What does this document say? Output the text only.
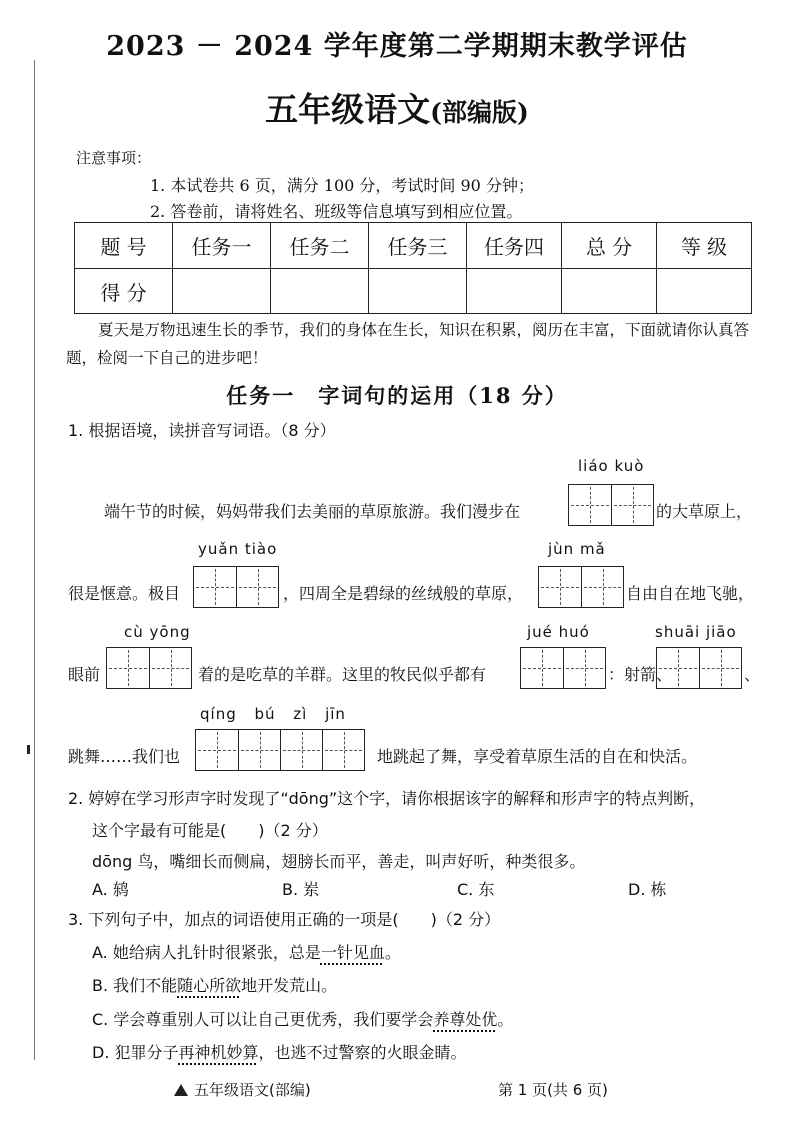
2023 － 2024 学年度第二学期期末教学评估
五年级语文(部编版)
注意事项：
1. 本试卷共 6 页，满分 100 分，考试时间 90 分钟；
2. 答卷前，请将姓名、班级等信息填写到相应位置。
题 号	任务一	任务二	任务三	任务四	总 分	等 级
得 分						
夏天是万物迅速生长的季节，我们的身体在生长，知识在积累，阅历在丰富，下面就请你认真答题，检阅一下自己的进步吧！
任务一　字词句的运用（18 分）
1. 根据语境，读拼音写词语。（8 分）
liáo kuò
端午节的时候，妈妈带我们去美丽的草原旅游。我们漫步在	的大草原上，
yuǎn tiào	jùn mǎ
很是惬意。极目	，四周全是碧绿的丝绒般的草原，	自由自在地飞驰，
cù yōng	jué huó	shuāi jiāo
眼前	着的是吃草的羊群。这里的牧民似乎都有	：射箭、	、
qíng bú zì jīn
跳舞……我们也	地跳起了舞，享受着草原生活的自在和快活。
2. 婷婷在学习形声字时发现了“dōng”这个字，请你根据该字的解释和形声字的特点判断，
这个字最有可能是(　　)（2 分）
dōng 鸟，嘴细长而侧扁，翅膀长而平，善走，叫声好听，种类很多。
A. 鸫	B. 岽	C. 东	D. 栋
3. 下列句子中，加点的词语使用正确的一项是(　　)（2 分）
A. 她给病人扎针时很紧张，总是一针见血。
B. 我们不能随心所欲地开发荒山。
C. 学会尊重别人可以让自己更优秀，我们要学会养尊处优。
D. 犯罪分子再神机妙算，也逃不过警察的火眼金睛。
五年级语文(部编)	第 1 页(共 6 页)
